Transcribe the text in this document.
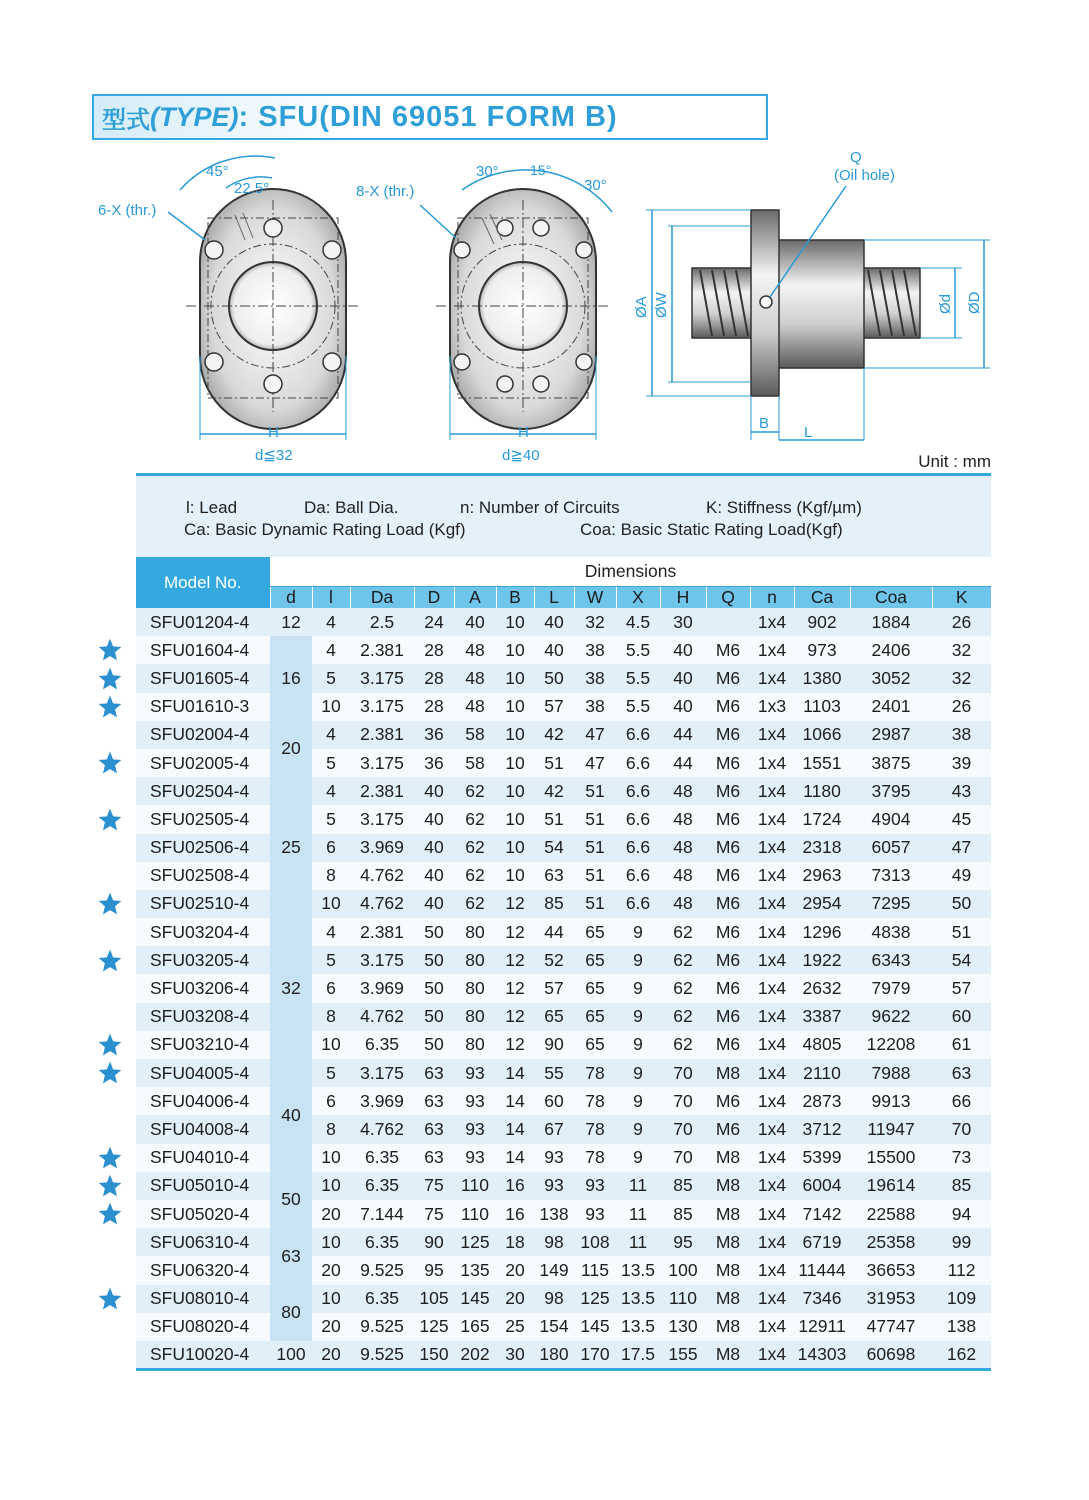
型式 (TYPE) : SFU(DIN 69051 FORM B)
45°
22.5°
6-X (thr.)
H
d≦32
30° 15°
30°
8-X (thr.)
H
d≧40
Q
(Oil hole)
ØA ØW	Ød ØD
B
L
Unit : mm
l: Lead	Da: Ball Dia.	n: Number of Circuits	K: Stiffness (Kgf/µm)
Ca: Basic Dynamic Rating Load (Kgf)	Coa: Basic Static Rating Load(Kgf)
Model No.	Dimensions														
	d	l	Da	D	A	B	L	W	X	H	Q	n	Ca	Coa	K
SFU01204-4	12	4	2.5	24	40	10	40	32	4.5	30		1x4	902	1884	26
SFU01604-4	16	4	2.381	28	48	10	40	38	5.5	40	M6	1x4	973	2406	32
SFU01605-4		5	3.175	28	48	10	50	38	5.5	40	M6	1x4	1380	3052	32
SFU01610-3		10	3.175	28	48	10	57	38	5.5	40	M6	1x3	1103	2401	26
SFU02004-4	20	4	2.381	36	58	10	42	47	6.6	44	M6	1x4	1066	2987	38
SFU02005-4		5	3.175	36	58	10	51	47	6.6	44	M6	1x4	1551	3875	39
SFU02504-4	25	4	2.381	40	62	10	42	51	6.6	48	M6	1x4	1180	3795	43
SFU02505-4		5	3.175	40	62	10	51	51	6.6	48	M6	1x4	1724	4904	45
SFU02506-4		6	3.969	40	62	10	54	51	6.6	48	M6	1x4	2318	6057	47
SFU02508-4		8	4.762	40	62	10	63	51	6.6	48	M6	1x4	2963	7313	49
SFU02510-4		10	4.762	40	62	12	85	51	6.6	48	M6	1x4	2954	7295	50
SFU03204-4	32	4	2.381	50	80	12	44	65	9	62	M6	1x4	1296	4838	51
SFU03205-4		5	3.175	50	80	12	52	65	9	62	M6	1x4	1922	6343	54
SFU03206-4		6	3.969	50	80	12	57	65	9	62	M6	1x4	2632	7979	57
SFU03208-4		8	4.762	50	80	12	65	65	9	62	M6	1x4	3387	9622	60
SFU03210-4		10	6.35	50	80	12	90	65	9	62	M6	1x4	4805	12208	61
SFU04005-4	40	5	3.175	63	93	14	55	78	9	70	M8	1x4	2110	7988	63
SFU04006-4		6	3.969	63	93	14	60	78	9	70	M6	1x4	2873	9913	66
SFU04008-4		8	4.762	63	93	14	67	78	9	70	M6	1x4	3712	11947	70
SFU04010-4		10	6.35	63	93	14	93	78	9	70	M8	1x4	5399	15500	73
SFU05010-4	50	10	6.35	75	110	16	93	93	11	85	M8	1x4	6004	19614	85
SFU05020-4		20	7.144	75	110	16	138	93	11	85	M8	1x4	7142	22588	94
SFU06310-4	63	10	6.35	90	125	18	98	108	11	95	M8	1x4	6719	25358	99
SFU06320-4		20	9.525	95	135	20	149	115	13.5	100	M8	1x4	11444	36653	112
SFU08010-4	80	10	6.35	105	145	20	98	125	13.5	110	M8	1x4	7346	31953	109
SFU08020-4		20	9.525	125	165	25	154	145	13.5	130	M8	1x4	12911	47747	138
SFU10020-4	100	20	9.525	150	202	30	180	170	17.5	155	M8	1x4	14303	60698	162
